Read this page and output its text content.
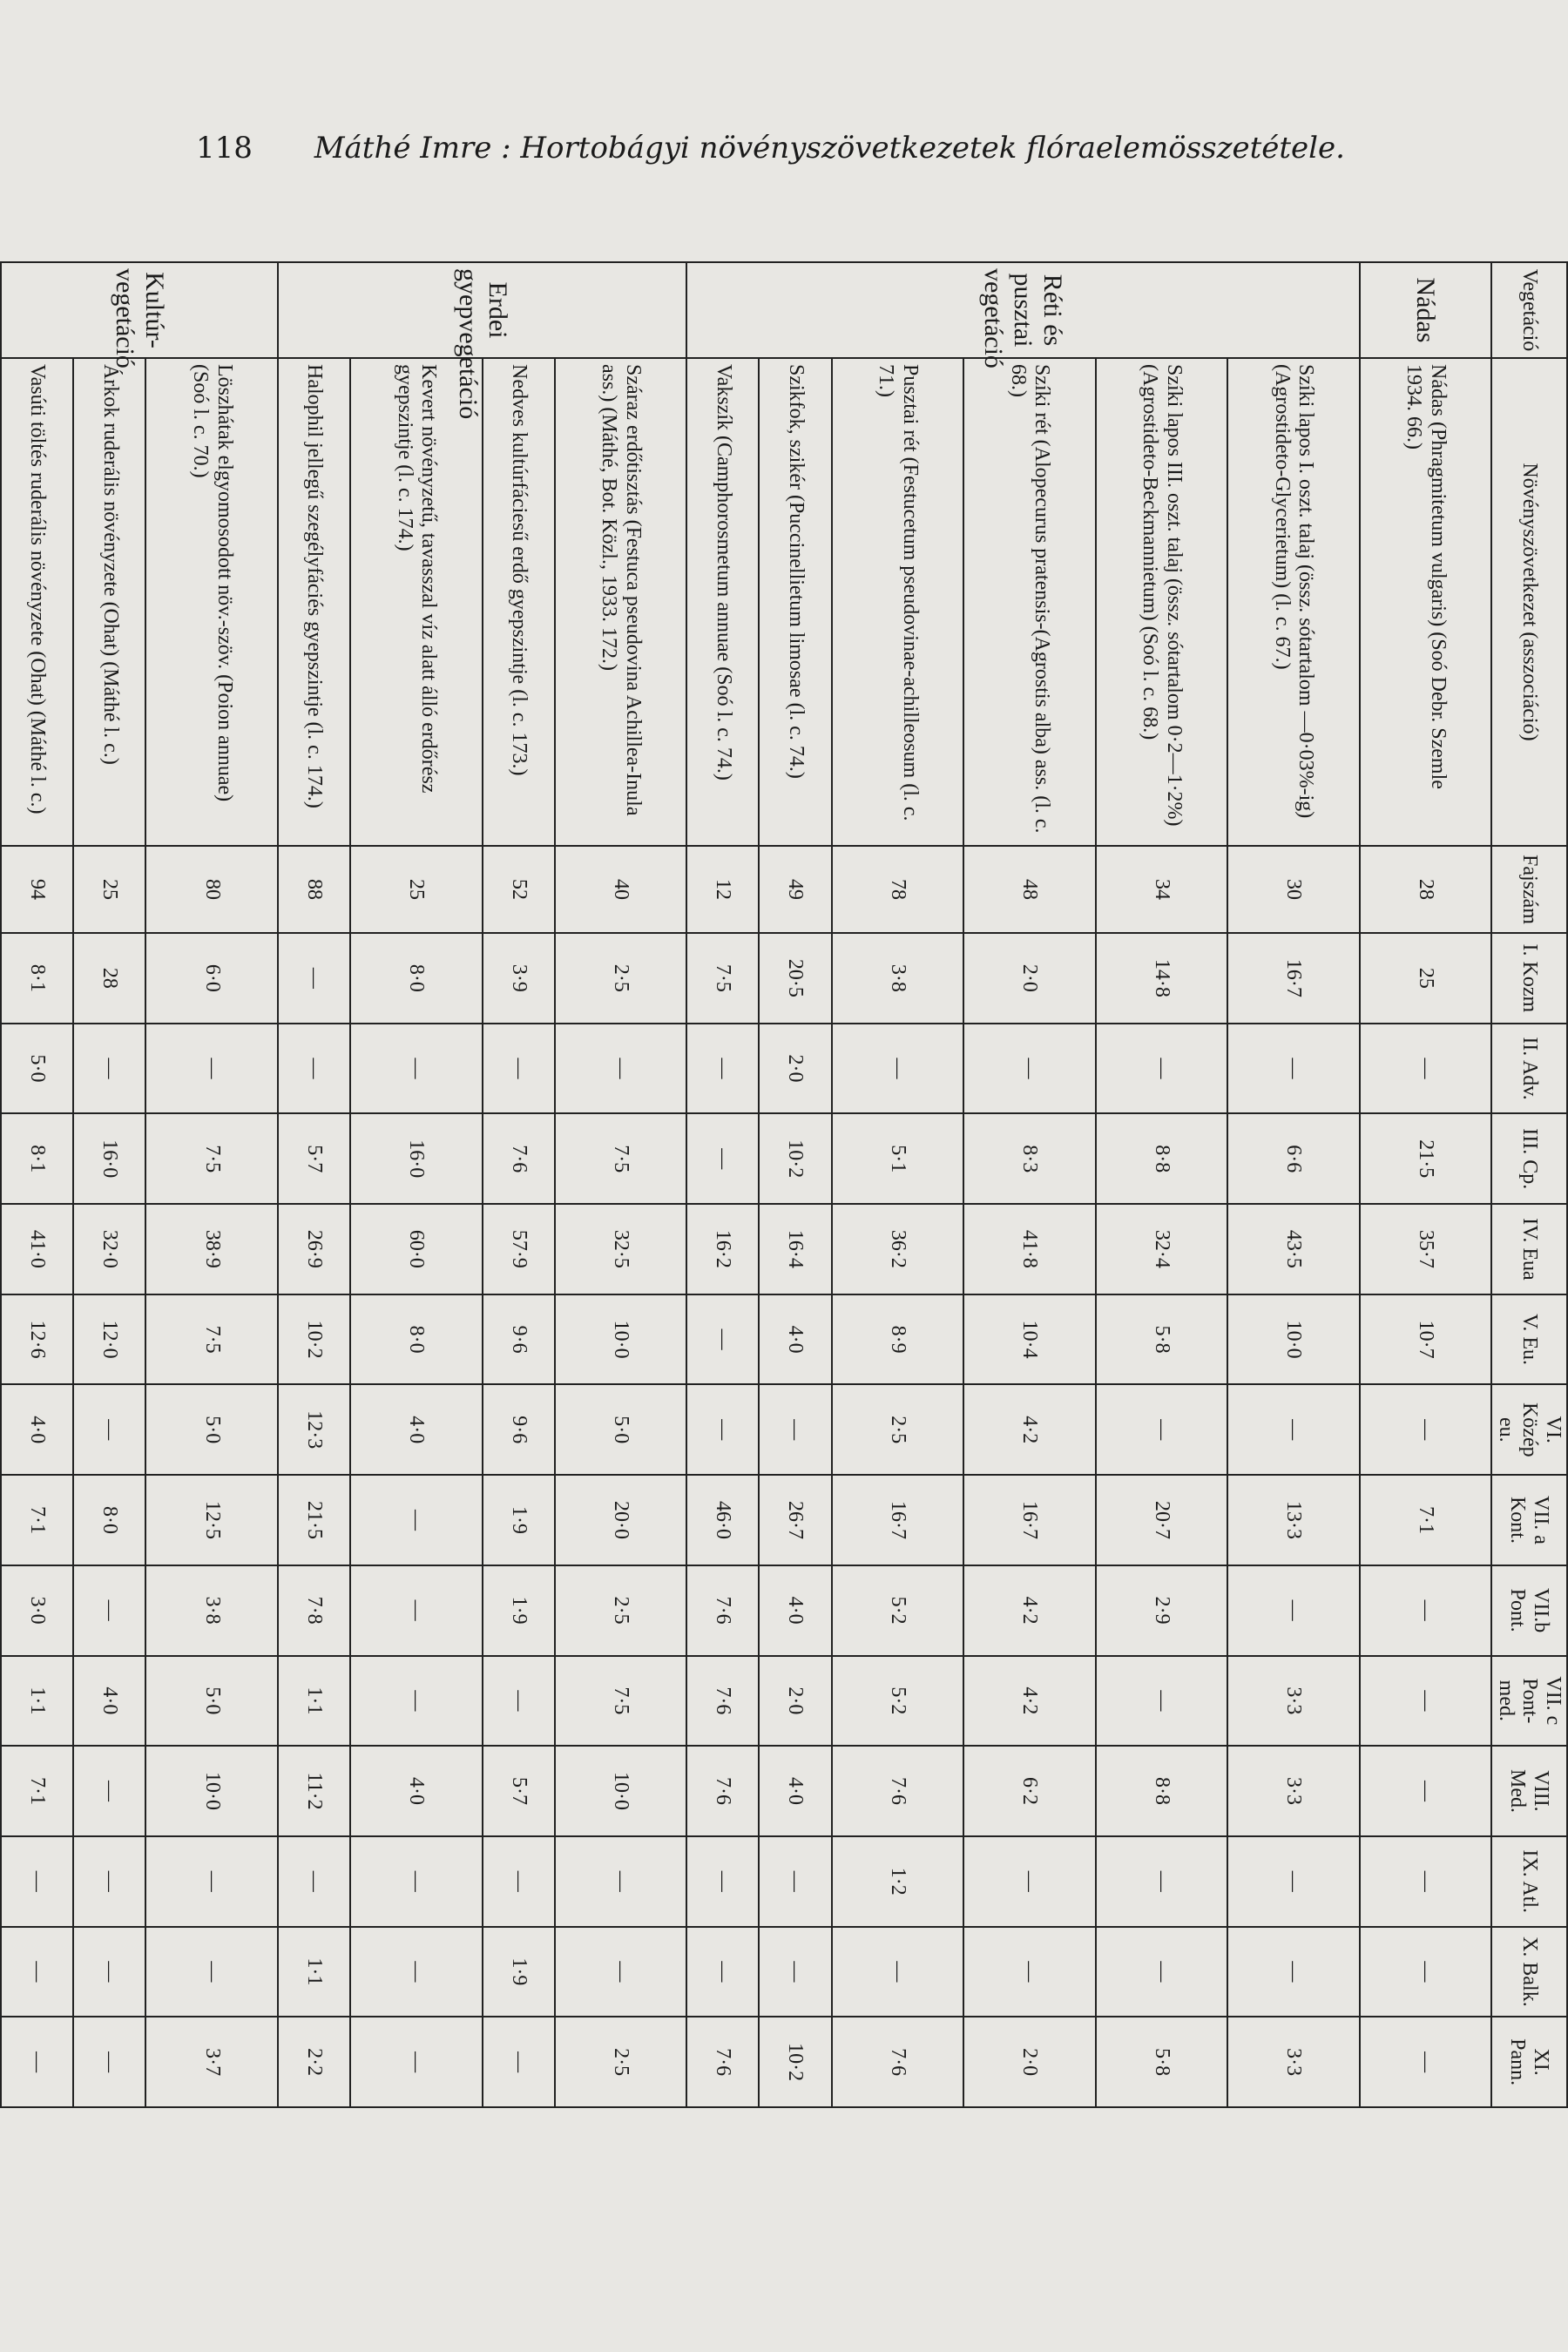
118 Máthé Imre : Hortobágyi növényszövetkezetek flóraelemösszetétele.
Vegetáció	Növényszövetkezet (asszociáció)	Fajszám	I. Kozm	II. Adv.	III. Cp.	IV. Eua	V. Eu.	VI. Közép eu.	VII. a Kont.	VII.b Pont.	VII. c Pont-med.	VIII. Med.	IX. Atl.	X. Balk.	XI. Pann.
Nádas	Nádas (Phragmitetum vulgaris) (Soó Debr. Szemle 1934. 66.)	28	25	—	21·5	35·7	10·7	—	7·1	—	—	—	—	—	—
Réti és pusztai vegetáció	Szíki lapos I. oszt. talaj (össz. sótartalom —0·03%-ig) (Agrostideto-Glycerietum) (l. c. 67.)	30	16·7	—	6·6	43·5	10·0	—	13·3	—	3·3	3·3	—	—	3·3
	Szíki lapos III. oszt. talaj (össz. sótartalom 0·2—1·2%) (Agrostideto-Beckmannietum) (Soó l. c. 68.)	34	14·8	—	8·8	32·4	5·8	—	20·7	2·9	—	8·8	—	—	5·8
	Szíki rét (Alopecurus pratensis-(Agrostis alba) ass. (l. c. 68.)	48	2·0	—	8·3	41·8	10·4	4·2	16·7	4·2	4·2	6·2	—	—	2·0
	Pusztai rét (Festucetum pseudovinae-achilleosum (l. c. 71.)	78	3·8	—	5·1	36·2	8·9	2·5	16·7	5·2	5·2	7·6	1·2	—	7·6
	Szikfok, szikér (Puccinellietum limosae (l. c. 74.)	49	20·5	2·0	10·2	16·4	4·0	—	26·7	4·0	2·0	4·0	—	—	10·2
	Vakszík (Camphorosmetum annuae (Soó l. c. 74.)	12	7·5	—	—	16·2	—	—	46·0	7·6	7·6	7·6	—	—	7·6
Erdei gyepvegetáció	Száraz erdőtisztás (Festuca pseudovina Achillea-Inula ass.) (Máthé, Bot. Közl., 1933. 172.)	40	2·5	—	7·5	32·5	10·0	5·0	20·0	2·5	7·5	10·0	—	—	2·5
	Nedves kultúrfáciesű erdő gyepszintje (l. c. 173.)	52	3·9	—	7·6	57·9	9·6	9·6	1·9	1·9	—	5·7	—	1·9	—
	Kevert növényzetű, tavasszal víz alatt álló erdőrész gyepszintje (l. c. 174.)	25	8·0	—	16·0	60·0	8·0	4·0	—	—	—	4·0	—	—	—
	Halophil jellegű szegélyfáciés gyepszintje (l. c. 174.)	88	—	—	5·7	26·9	10·2	12·3	21·5	7·8	1·1	11·2	—	1·1	2·2
Kultúr-vegetáció	Löszhátak elgyomosodott növ.-szöv. (Poion annuae) (Soó l. c. 70.)	80	6·0	—	7·5	38·9	7·5	5·0	12·5	3·8	5·0	10·0	—	—	3·7
	Árkok ruderális növényzete (Ohat) (Máthé l. c.)	25	28	—	16·0	32·0	12·0	—	8·0	—	4·0	—	—	—	—
	Vasúti töltés ruderális növényzete (Ohat) (Máthé l. c.)	94	8·1	5·0	8·1	41·0	12·6	4·0	7·1	3·0	1·1	7·1	—	—	—
